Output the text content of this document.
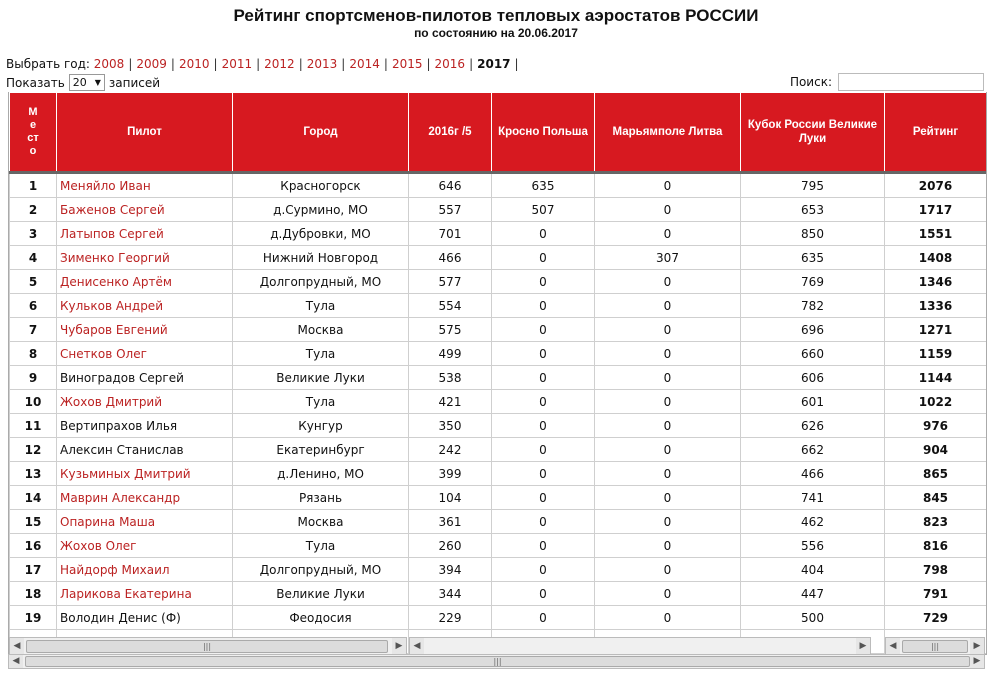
Рейтинг спортсменов-пилотов тепловых аэростатов РОССИИ
по состоянию на 20.06.2017
Выбрать год: 2008 | 2009 | 2010 | 2011 | 2012 | 2013 | 2014 | 2015 | 2016 | 2017 |
Показать 20 ▼ записей	Поиск:
Место	Пилот	Город	2016г /5	Кросно Польша	Марьямполе Литва	Кубок России Великие Луки	Рейтинг
1	Меняйло Иван	Красногорск	646	635	0	795	2076
2	Баженов Сергей	д.Сурмино, МО	557	507	0	653	1717
3	Латыпов Сергей	д.Дубровки, МО	701	0	0	850	1551
4	Зименко Георгий	Нижний Новгород	466	0	307	635	1408
5	Денисенко Артём	Долгопрудный, МО	577	0	0	769	1346
6	Кульков Андрей	Тула	554	0	0	782	1336
7	Чубаров Евгений	Москва	575	0	0	696	1271
8	Снетков Олег	Тула	499	0	0	660	1159
9	Виноградов Сергей	Великие Луки	538	0	0	606	1144
10	Жохов Дмитрий	Тула	421	0	0	601	1022
11	Вертипрахов Илья	Кунгур	350	0	0	626	976
12	Алексин Станислав	Екатеринбург	242	0	0	662	904
13	Кузьминых Дмитрий	д.Ленино, МО	399	0	0	466	865
14	Маврин Александр	Рязань	104	0	0	741	845
15	Опарина Маша	Москва	361	0	0	462	823
16	Жохов Олег	Тула	260	0	0	556	816
17	Найдорф Михаил	Долгопрудный, МО	394	0	0	404	798
18	Ларикова Екатерина	Великие Луки	344	0	0	447	791
19	Володин Денис (Ф)	Феодосия	229	0	0	500	729

◀	|||	▶	◀	▶	◀	|||	▶
◀	|||	▶
